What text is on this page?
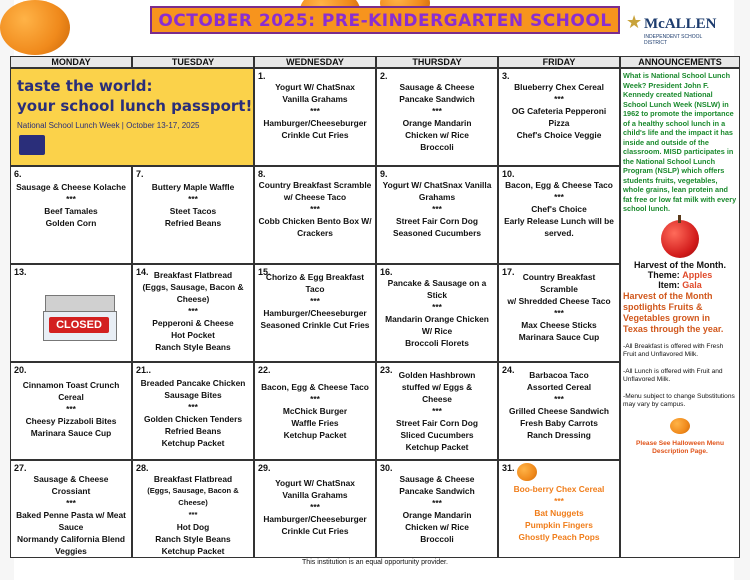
OCTOBER 2025: PRE-KINDERGARTEN SCHOOL ★ McALLEN
INDEPENDENT SCHOOL DISTRICT
MONDAY	TUESDAY	WEDNESDAY	THURSDAY	FRIDAY	ANNOUNCEMENTS
taste the world:
your school lunch passport!
National School Lunch Week | October 13-17, 2025
1.
Yogurt W/ ChatSnax
Vanilla Grahams
***
Hamburger/Cheeseburger
Crinkle Cut Fries
2.
Sausage & Cheese
Pancake Sandwich
***
Orange Mandarin
Chicken w/ Rice
Broccoli
3.
Blueberry Chex Cereal
***
OG Cafeteria Pepperoni
Pizza
Chef's Choice Veggie
6.
Sausage & Cheese Kolache
***
Beef Tamales
Golden Corn
7.
Buttery Maple Waffle
***
Steet Tacos
Refried Beans
8.
Country Breakfast Scramble
w/ Cheese Taco
***
Cobb Chicken Bento Box W/
Crackers
9.
Yogurt W/ ChatSnax Vanilla
Grahams
***
Street Fair Corn Dog
Seasoned Cucumbers
10.
Bacon, Egg & Cheese Taco
***
Chef's Choice
Early Release Lunch will be
served.
13.
CLOSED
14. Breakfast Flatbread
(Eggs, Sausage, Bacon &
Cheese)
***
Pepperoni & Cheese
Hot Pocket
Ranch Style Beans
15.
Chorizo & Egg Breakfast
Taco
***
Hamburger/Cheeseburger
Seasoned Crinkle Cut Fries
16.
Pancake & Sausage on a
Stick
***
Mandarin Orange Chicken
W/ Rice
Broccoli Florets
17. Country Breakfast
Scramble
w/ Shredded Cheese Taco
***
Max Cheese Sticks
Marinara Sauce Cup
20.
Cinnamon Toast Crunch
Cereal
***
Cheesy Pizzaboli Bites
Marinara Sauce Cup
21..
Breaded Pancake Chicken
Sausage Bites
***
Golden Chicken Tenders
Refried Beans
Ketchup Packet
22.
Bacon, Egg & Cheese Taco
***
McChick Burger
Waffle Fries
Ketchup Packet
23. Golden Hashbrown
stuffed w/ Eggs &
Cheese
***
Street Fair Corn Dog
Sliced Cucumbers
Ketchup Packet
24.	Barbacoa Taco
Assorted Cereal
***
Grilled Cheese Sandwich
Fresh Baby Carrots
Ranch Dressing
27.
Sausage & Cheese Crossiant
***
Baked Penne Pasta w/ Meat
Sauce
Normandy California Blend
Veggies
28.
Breakfast Flatbread
(Eggs, Sausage, Bacon & Cheese)
***
Hot Dog
Ranch Style Beans
Ketchup Packet
29.
Yogurt W/ ChatSnax
Vanilla Grahams
***
Hamburger/Cheeseburger
Crinkle Cut Fries
30.
Sausage & Cheese
Pancake Sandwich
***
Orange Mandarin
Chicken w/ Rice
Broccoli
31.
Boo-berry Chex Cereal
***
Bat Nuggets
Pumpkin Fingers
Ghostly Peach Pops
What is National School Lunch Week? President John F. Kennedy created National School Lunch Week (NSLW) in 1962 to promote the importance of a healthy school lunch in a child's life and the impact it has inside and outside of the classroom. MISD participates in the National School Lunch Program (NSLP) which offers students fruits, vegetables, whole grains, lean protein and fat free or low fat milk with every school lunch.
Harvest of the Month.
Theme: Apples
Item: Gala
Harvest of the Month spotlights Fruits & Vegetables grown in Texas through the year.

-All Breakfast is offered with Fresh Fruit and Unflavored Milk.

-All Lunch is offered with Fruit and Unflavored Milk.

-Menu subject to change Substitutions may vary by campus.

Please See Halloween Menu Description Page.
This institution is an equal opportunity provider.
